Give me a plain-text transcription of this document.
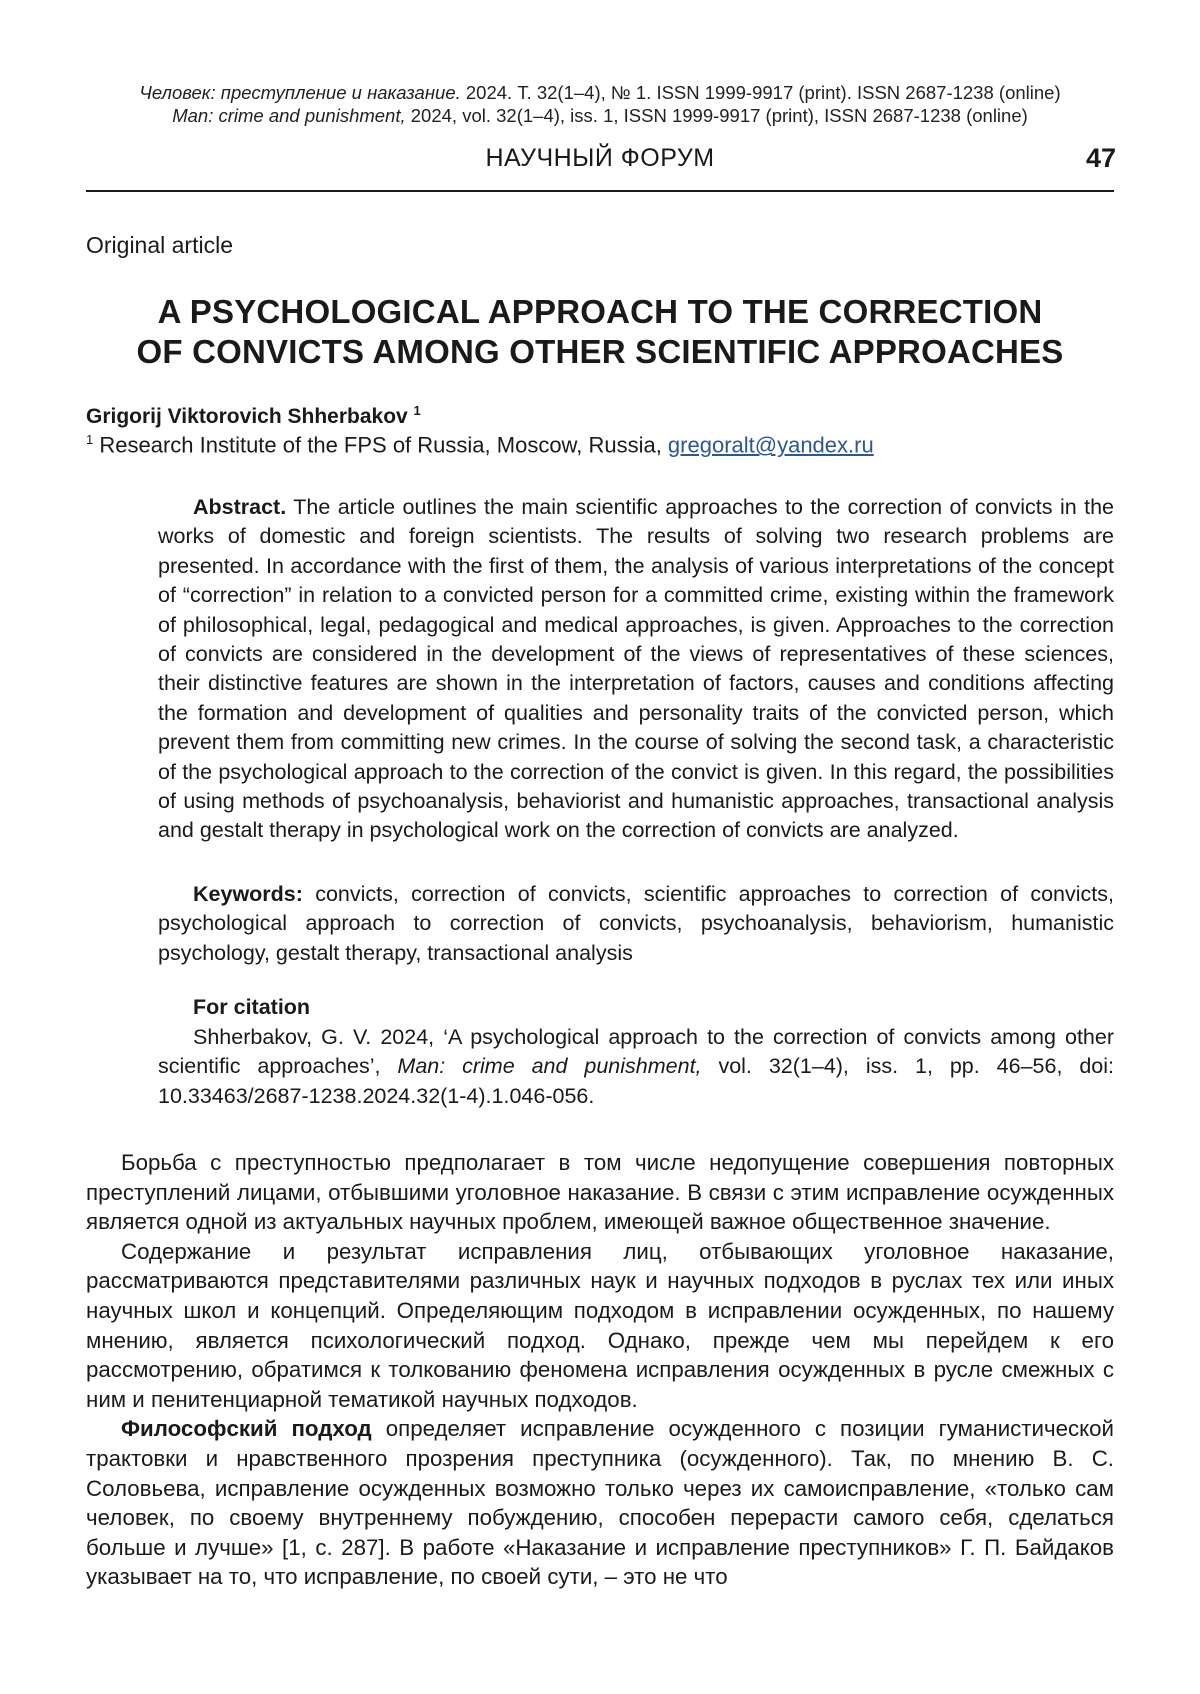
Человек: преступление и наказание. 2024. Т. 32(1–4), № 1. ISSN 1999-9917 (print). ISSN 2687-1238 (online)
Man: crime and punishment, 2024, vol. 32(1–4), iss. 1, ISSN 1999-9917 (print), ISSN 2687-1238 (online)
НАУЧНЫЙ ФОРУМ	47
Original article
A PSYCHOLOGICAL APPROACH TO THE CORRECTION
OF CONVICTS AMONG OTHER SCIENTIFIC APPROACHES
Grigorij Viktorovich Shherbakov $^1$
$^1$ Research Institute of the FPS of Russia, Moscow, Russia, gregoralt@yandex.ru

Abstract. The article outlines the main scientific approaches to the correction of convicts in the works of domestic and foreign scientists. The results of solving two research problems are presented. In accordance with the first of them, the analysis of various interpretations of the concept of “correction” in relation to a convicted person for a committed crime, existing within the framework of philosophical, legal, pedagogical and medical approaches, is given. Approaches to the correction of convicts are considered in the development of the views of representatives of these sciences, their distinctive features are shown in the interpretation of factors, causes and conditions affecting the formation and development of qualities and personality traits of the convicted person, which prevent them from committing new crimes. In the course of solving the second task, a characteristic of the psychological approach to the correction of the convict is given. In this regard, the possibilities of using methods of psychoanalysis, behaviorist and humanistic approaches, transactional analysis and gestalt therapy in psychological work on the correction of convicts are analyzed.

Keywords: convicts, correction of convicts, scientific approaches to correction of convicts, psychological approach to correction of convicts, psychoanalysis, behaviorism, humanistic psychology, gestalt therapy, transactional analysis

For citation
Shherbakov, G. V. 2024, ‘A psychological approach to the correction of convicts among other scientific approaches’, Man: crime and punishment, vol. 32(1–4), iss. 1, pp. 46–56, doi: 10.33463/2687-1238.2024.32(1-4).1.046-056.

Борьба с преступностью предполагает в том числе недопущение совершения повторных преступлений лицами, отбывшими уголовное наказание. В связи с этим исправление осужденных является одной из актуальных научных проблем, имеющей важное общественное значение.

Содержание и результат исправления лиц, отбывающих уголовное наказание, рассматриваются представителями различных наук и научных подходов в руслах тех или иных научных школ и концепций. Определяющим подходом в исправлении осужденных, по нашему мнению, является психологический подход. Однако, прежде чем мы перейдем к его рассмотрению, обратимся к толкованию феномена исправления осужденных в русле смежных с ним и пенитенциарной тематикой научных подходов.

Философский подход определяет исправление осужденного с позиции гуманистической трактовки и нравственного прозрения преступника (осужденного). Так, по мнению В. С. Соловьева, исправление осужденных возможно только через их самоисправление, «только сам человек, по своему внутреннему побуждению, способен перерасти самого себя, сделаться больше и лучше» [1, с. 287]. В работе «Наказание и исправление преступников» Г. П. Байдаков указывает на то, что исправление, по своей сути, – это не что
